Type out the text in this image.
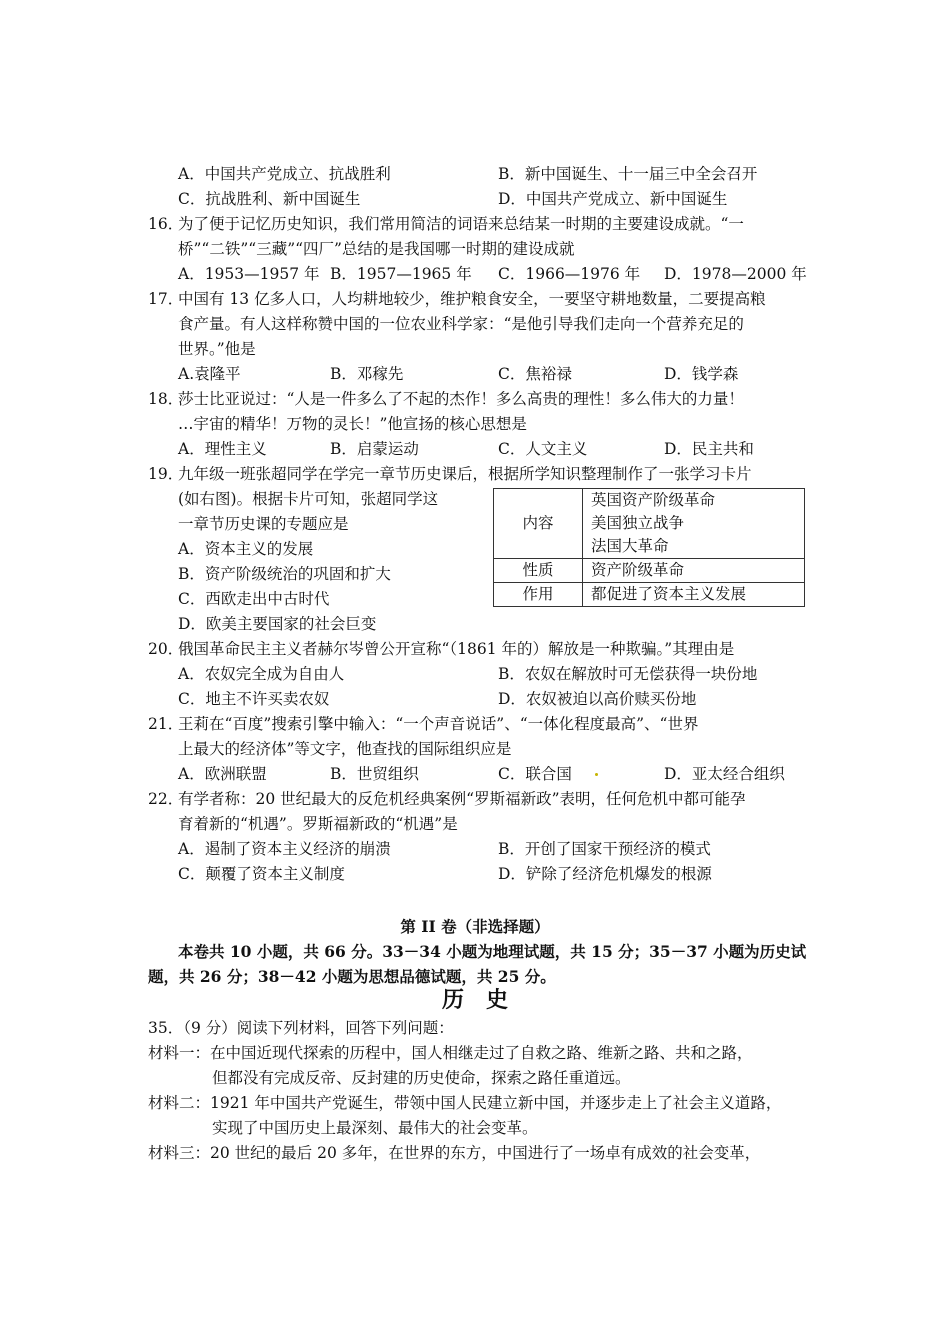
A．中国共产党成立、抗战胜利	B．新中国诞生、十一届三中全会召开
C．抗战胜利、新中国诞生	D．中国共产党成立、新中国诞生
16．为了便于记忆历史知识，我们常用简洁的词语来总结某一时期的主要建设成就。“一
桥”“二铁”“三藏”“四厂”总结的是我国哪一时期的建设成就
A．1953—1957 年 B．1957—1965 年 C．1966—1976 年 D．1978—2000 年
17．中国有 13 亿多人口，人均耕地较少，维护粮食安全，一要坚守耕地数量，二要提高粮
食产量。有人这样称赞中国的一位农业科学家：“是他引导我们走向一个营养充足的
世界。”他是
A.袁隆平	B．邓稼先	C．焦裕禄	D．钱学森
18．莎士比亚说过：“人是一件多么了不起的杰作！多么高贵的理性！多么伟大的力量！
…宇宙的精华！万物的灵长！”他宣扬的核心思想是
A．理性主义	B．启蒙运动	C．人文主义	D．民主共和
19．九年级一班张超同学在学完一章节历史课后，根据所学知识整理制作了一张学习卡片
(如右图)。根据卡片可知，张超同学这
一章节历史课的专题应是
A．资本主义的发展
B．资产阶级统治的巩固和扩大
C．西欧走出中古时代
D．欧美主要国家的社会巨变
内容	英国资产阶级革命
美国独立战争
法国大革命

性质	资产阶级革命
作用	都促进了资本主义发展
20．俄国革命民主主义者赫尔岑曾公开宣称“（1861 年的）解放是一种欺骗。”其理由是
A．农奴完全成为自由人	B．农奴在解放时可无偿获得一块份地
C．地主不许买卖农奴	D．农奴被迫以高价赎买份地
21．王莉在“百度”搜索引擎中输入：“一个声音说话”、“一体化程度最高”、“世界
上最大的经济体”等文字，他查找的国际组织应是
A．欧洲联盟	B．世贸组织	C．联合国	D．亚太经合组织
22．有学者称：20 世纪最大的反危机经典案例“罗斯福新政”表明，任何危机中都可能孕
育着新的“机遇”。罗斯福新政的“机遇”是
A．遏制了资本主义经济的崩溃	B．开创了国家干预经济的模式
C．颠覆了资本主义制度	D．铲除了经济危机爆发的根源
第 II 卷（非选择题）
本卷共 10 小题，共 66 分。33－34 小题为地理试题，共 15 分；35－37 小题为历史试
题，共 26 分；38－42 小题为思想品德试题，共 25 分。
历　史
35．（9 分）阅读下列材料，回答下列问题：
材料一：在中国近现代探索的历程中，国人相继走过了自救之路、维新之路、共和之路，
但都没有完成反帝、反封建的历史使命，探索之路任重道远。
材料二：1921 年中国共产党诞生，带领中国人民建立新中国，并逐步走上了社会主义道路，
实现了中国历史上最深刻、最伟大的社会变革。
材料三：20 世纪的最后 20 多年，在世界的东方，中国进行了一场卓有成效的社会变革，
